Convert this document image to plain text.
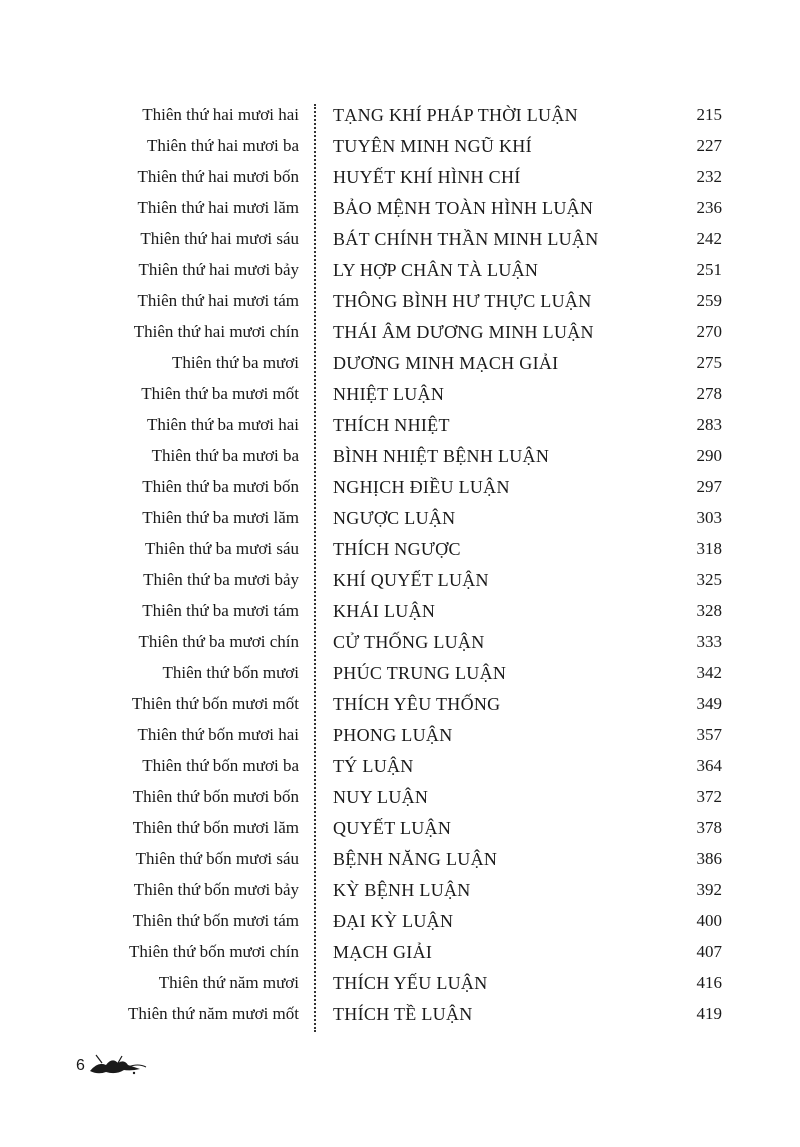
Thiên thứ hai mươi hai TẠNG KHÍ PHÁP THỜI LUẬN	215
Thiên thứ hai mươi ba TUYÊN MINH NGŨ KHÍ	227
Thiên thứ hai mươi bốn HUYẾT KHÍ HÌNH CHÍ	232
Thiên thứ hai mươi lăm BẢO MỆNH TOÀN HÌNH LUẬN	236
Thiên thứ hai mươi sáu BÁT CHÍNH THẦN MINH LUẬN	242
Thiên thứ hai mươi bảy LY HỢP CHÂN TÀ LUẬN	251
Thiên thứ hai mươi tám THÔNG BÌNH HƯ THỰC LUẬN	259
Thiên thứ hai mươi chín THÁI ÂM DƯƠNG MINH LUẬN	270
Thiên thứ ba mươi DƯƠNG MINH MẠCH GIẢI	275
Thiên thứ ba mươi mốt NHIỆT LUẬN	278
Thiên thứ ba mươi hai THÍCH NHIỆT	283
Thiên thứ ba mươi ba BÌNH NHIỆT BỆNH LUẬN	290
Thiên thứ ba mươi bốn NGHỊCH ĐIỀU LUẬN	297
Thiên thứ ba mươi lăm NGƯỢC LUẬN	303
Thiên thứ ba mươi sáu THÍCH NGƯỢC	318
Thiên thứ ba mươi bảy KHÍ QUYẾT LUẬN	325
Thiên thứ ba mươi tám KHÁI LUẬN	328
Thiên thứ ba mươi chín CỬ THỐNG LUẬN	333
Thiên thứ bốn mươi PHÚC TRUNG LUẬN	342
Thiên thứ bốn mươi mốt THÍCH YÊU THỐNG	349
Thiên thứ bốn mươi hai PHONG LUẬN	357
Thiên thứ bốn mươi ba TÝ LUẬN	364
Thiên thứ bốn mươi bốn NUY LUẬN	372
Thiên thứ bốn mươi lăm QUYẾT LUẬN	378
Thiên thứ bốn mươi sáu BỆNH NĂNG LUẬN	386
Thiên thứ bốn mươi bảy KỲ BỆNH LUẬN	392
Thiên thứ bốn mươi tám ĐẠI KỲ LUẬN	400
Thiên thứ bốn mươi chín MẠCH GIẢI	407
Thiên thứ năm mươi THÍCH YẾU LUẬN	416
Thiên thứ năm mươi mốt THÍCH TỀ LUẬN	419
6
